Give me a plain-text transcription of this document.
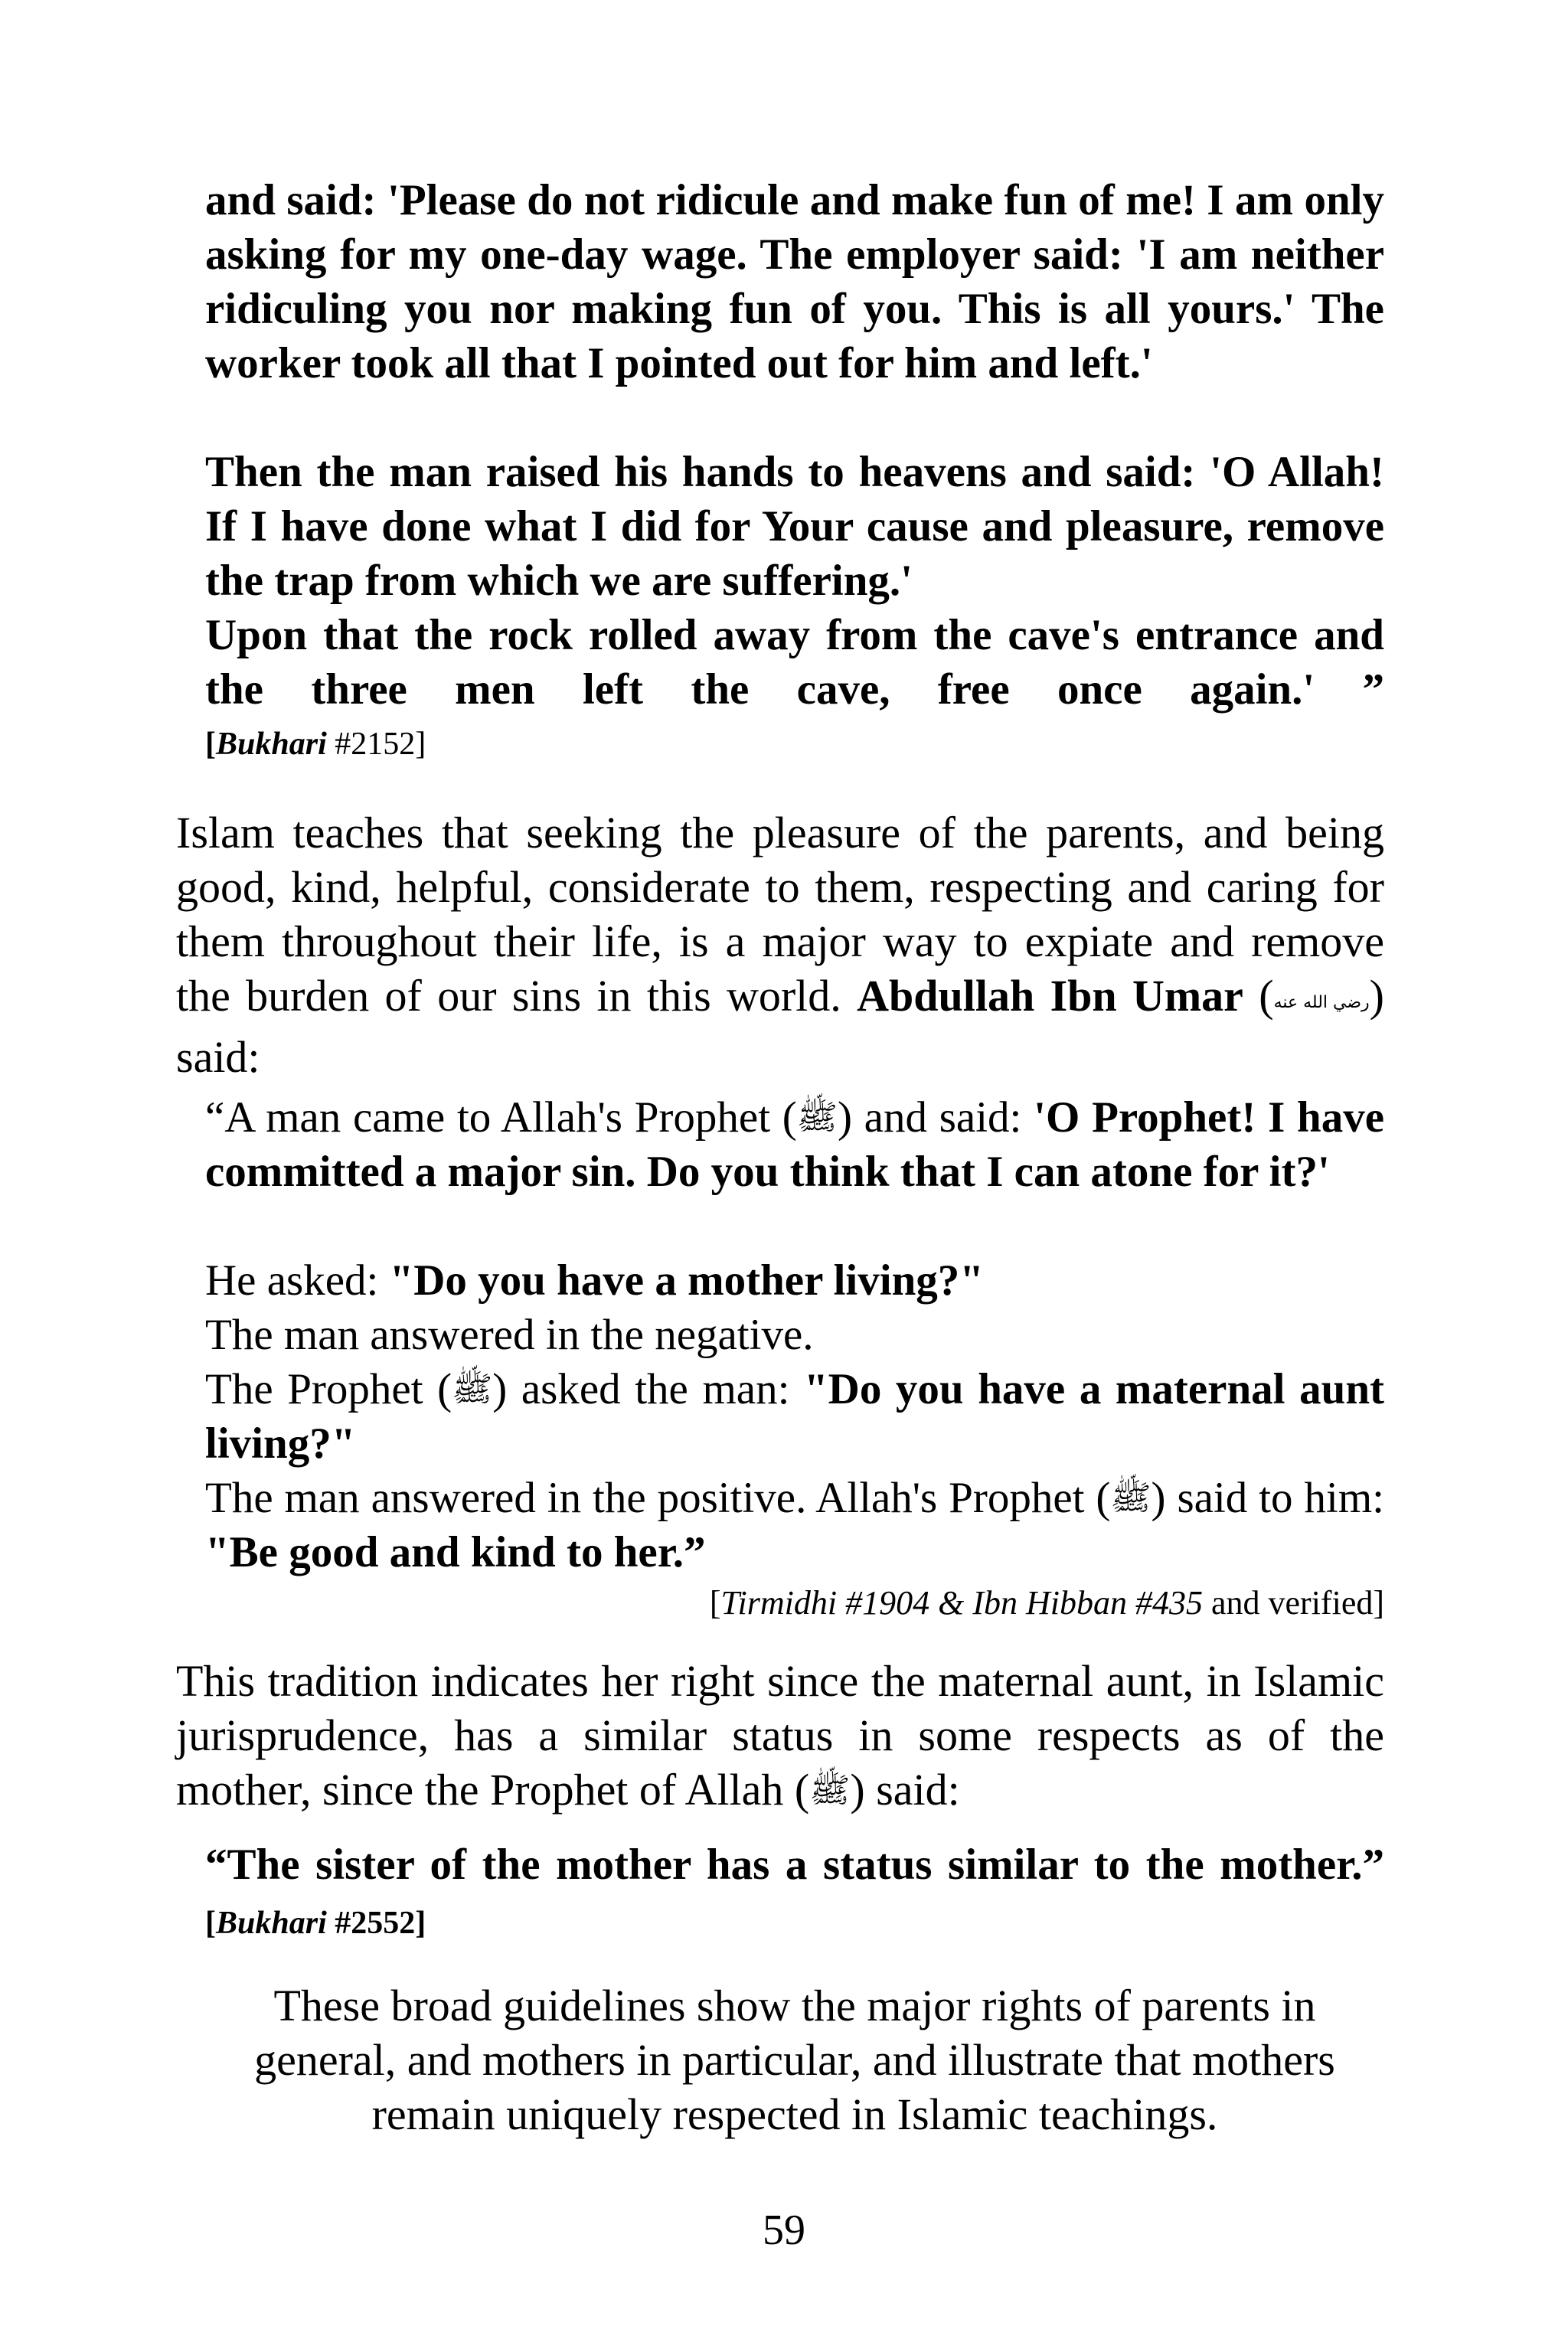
and said: 'Please do not ridicule and make fun of me! I am only asking for my one-day wage. The employer said: 'I am neither ridiculing you nor making fun of you. This is all yours.' The worker took all that I pointed out for him and left.'

Then the man raised his hands to heavens and said: 'O Allah! If I have done what I did for Your cause and pleasure, remove the trap from which we are suffering.'

Upon that the rock rolled away from the cave's entrance and the three men left the cave, free once again.' ”

[Bukhari #2152]

Islam teaches that seeking the pleasure of the parents, and being good, kind, helpful, considerate to them, respecting and caring for them throughout their life, is a major way to expiate and remove the burden of our sins in this world. Abdullah Ibn Umar (رضي الله عنه) said:

“A man came to Allah's Prophet (ﷺ) and said: 'O Prophet! I have committed a major sin. Do you think that I can atone for it?'

He asked: "Do you have a mother living?"

The man answered in the negative.

The Prophet (ﷺ) asked the man: "Do you have a maternal aunt living?"

The man answered in the positive. Allah's Prophet (ﷺ) said to him: "Be good and kind to her.”

[Tirmidhi #1904 & Ibn Hibban #435 and verified]

This tradition indicates her right since the maternal aunt, in Islamic jurisprudence, has a similar status in some respects as of the mother, since the Prophet of Allah (ﷺ) said:

“The sister of the mother has a status similar to the mother.” [Bukhari #2552]

These broad guidelines show the major rights of parents in general, and mothers in particular, and illustrate that mothers remain uniquely respected in Islamic teachings.

59
